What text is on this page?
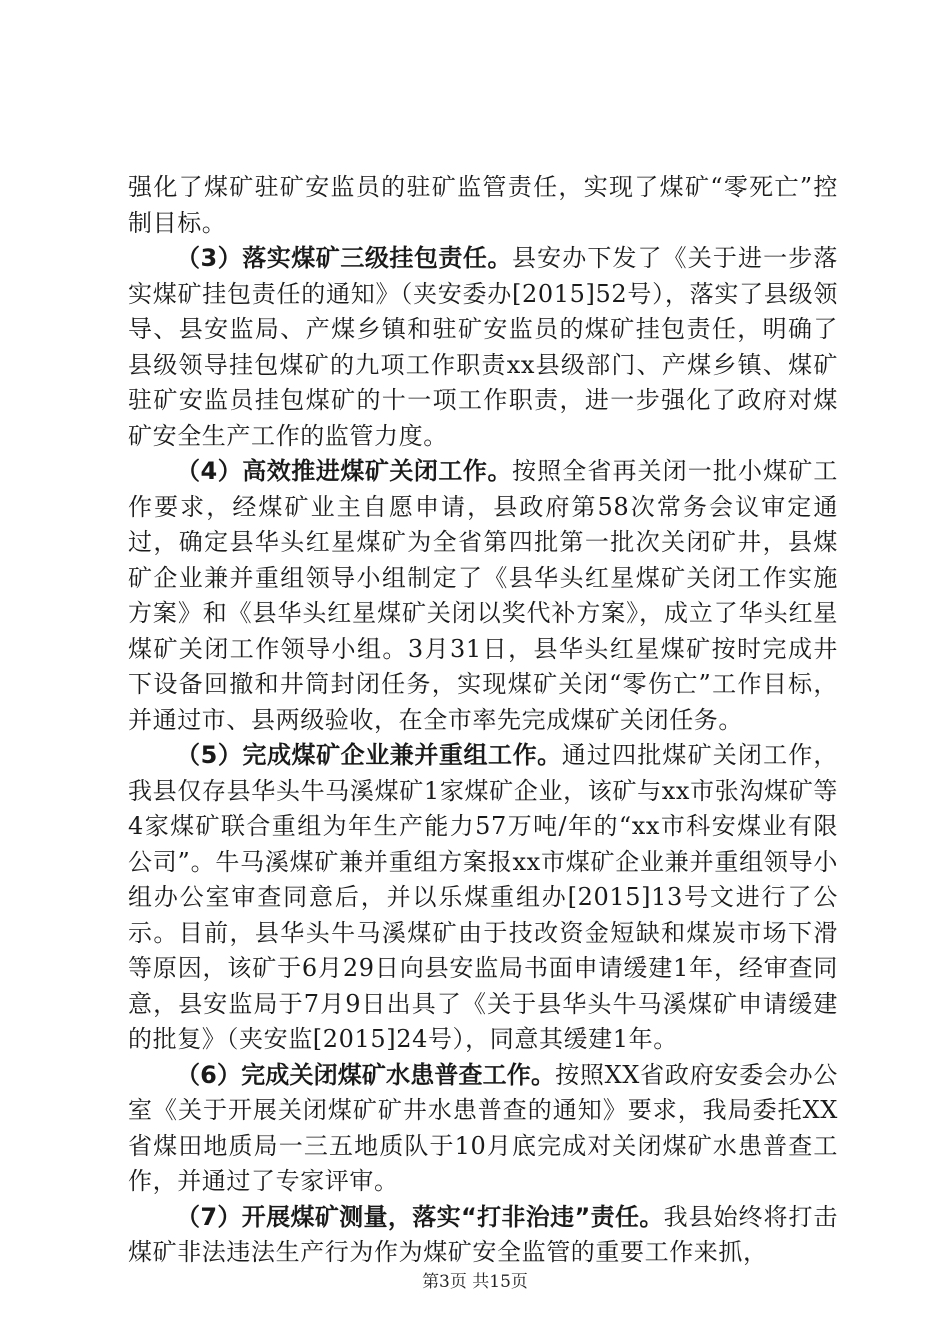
强化了煤矿驻矿安监员的驻矿监管责任，实现了煤矿“零死亡”控制目标。

（3）落实煤矿三级挂包责任。县安办下发了《关于进一步落实煤矿挂包责任的通知》（夹安委办[2015]52号），落实了县级领导、县安监局、产煤乡镇和驻矿安监员的煤矿挂包责任，明确了县级领导挂包煤矿的九项工作职责xx县级部门、产煤乡镇、煤矿驻矿安监员挂包煤矿的十一项工作职责，进一步强化了政府对煤矿安全生产工作的监管力度。

（4）高效推进煤矿关闭工作。按照全省再关闭一批小煤矿工作要求，经煤矿业主自愿申请，县政府第58次常务会议审定通过，确定县华头红星煤矿为全省第四批第一批次关闭矿井，县煤矿企业兼并重组领导小组制定了《县华头红星煤矿关闭工作实施方案》和《县华头红星煤矿关闭以奖代补方案》，成立了华头红星煤矿关闭工作领导小组。3月31日，县华头红星煤矿按时完成井下设备回撤和井筒封闭任务，实现煤矿关闭“零伤亡”工作目标，并通过市、县两级验收，在全市率先完成煤矿关闭任务。

（5）完成煤矿企业兼并重组工作。通过四批煤矿关闭工作，我县仅存县华头牛马溪煤矿1家煤矿企业，该矿与xx市张沟煤矿等4家煤矿联合重组为年生产能力57万吨/年的“xx市科安煤业有限公司”。牛马溪煤矿兼并重组方案报xx市煤矿企业兼并重组领导小组办公室审查同意后，并以乐煤重组办[2015]13号文进行了公示。目前，县华头牛马溪煤矿由于技改资金短缺和煤炭市场下滑等原因，该矿于6月29日向县安监局书面申请缓建1年，经审查同意，县安监局于7月9日出具了《关于县华头牛马溪煤矿申请缓建的批复》（夹安监[2015]24号），同意其缓建1年。

（6）完成关闭煤矿水患普查工作。按照XX省政府安委会办公室《关于开展关闭煤矿矿井水患普查的通知》要求，我局委托XX省煤田地质局一三五地质队于10月底完成对关闭煤矿水患普查工作，并通过了专家评审。

（7）开展煤矿测量，落实“打非治违”责任。我县始终将打击煤矿非法违法生产行为作为煤矿安全监管的重要工作来抓，

第3页 共15页
